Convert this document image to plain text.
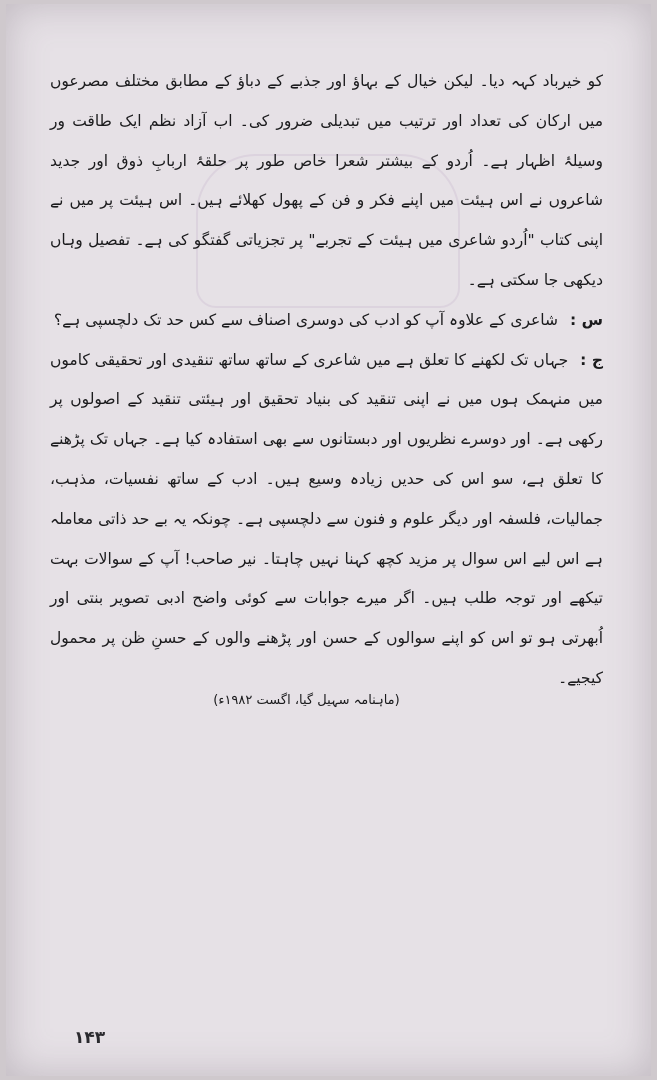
کو خیرباد کہہ دیا۔ لیکن خیال کے بہاؤ اور جذبے کے دباؤ کے مطابق مختلف مصرعوں میں ارکان کی تعداد اور ترتیب میں تبدیلی ضرور کی۔ اب آزاد نظم ایک طاقت ور وسیلۂ اظہار ہے۔ اُردو کے بیشتر شعرا خاص طور پر حلقۂ اربابِ ذوق اور جدید شاعروں نے اس ہیئت میں اپنے فکر و فن کے پھول کھلائے ہیں۔ اس ہیئت پر میں نے اپنی کتاب "اُردو شاعری میں ہیئت کے تجربے" پر تجزیاتی گفتگو کی ہے۔ تفصیل وہاں دیکھی جا سکتی ہے۔

س :شاعری کے علاوہ آپ کو ادب کی دوسری اصناف سے کس حد تک دلچسپی ہے؟

ج :جہاں تک لکھنے کا تعلق ہے میں شاعری کے ساتھ ساتھ تنقیدی اور تحقیقی کاموں میں منہمک ہوں میں نے اپنی تنقید کی بنیاد تحقیق اور ہیئتی تنقید کے اصولوں پر رکھی ہے۔ اور دوسرے نظریوں اور دبستانوں سے بھی استفادہ کیا ہے۔ جہاں تک پڑھنے کا تعلق ہے، سو اس کی حدیں زیادہ وسیع ہیں۔ ادب کے ساتھ نفسیات، مذہب، جمالیات، فلسفہ اور دیگر علوم و فنون سے دلچسپی ہے۔ چونکہ یہ بے حد ذاتی معاملہ ہے اس لیے اس سوال پر مزید کچھ کہنا نہیں چاہتا۔ نیر صاحب! آپ کے سوالات بہت تیکھے اور توجہ طلب ہیں۔ اگر میرے جوابات سے کوئی واضح ادبی تصویر بنتی اور اُبھرتی ہو تو اس کو اپنے سوالوں کے حسن اور پڑھنے والوں کے حسنِ ظن پر محمول کیجیے۔

(ماہنامہ سہیل گیا، اگست ۱۹۸۲ء)
۱۴۳
